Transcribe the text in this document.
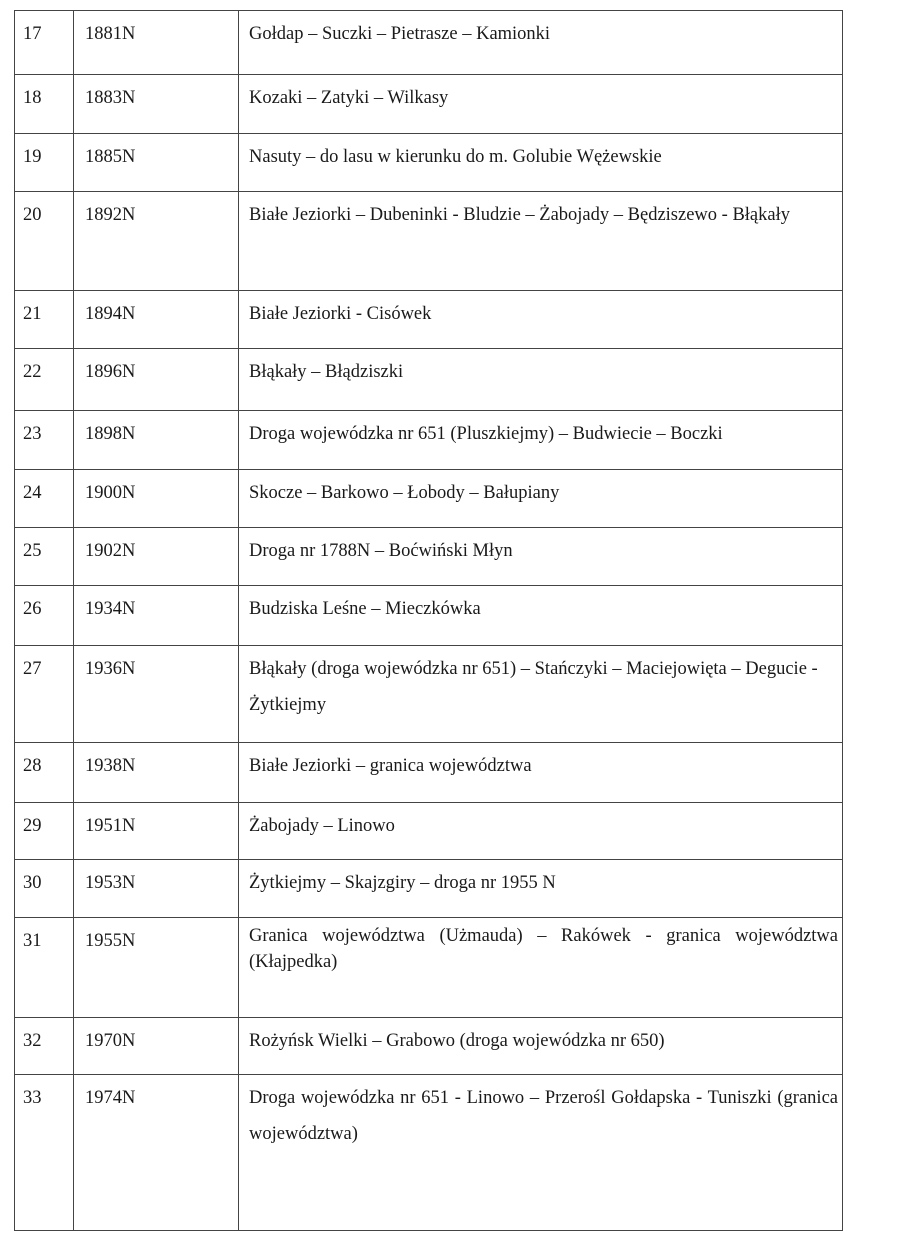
17	1881N	Gołdap – Suczki – Pietrasze – Kamionki
18	1883N	Kozaki – Zatyki – Wilkasy
19	1885N	Nasuty – do lasu w kierunku do m. Golubie Wężewskie
20	1892N	Białe Jeziorki – Dubeninki - Bludzie – Żabojady – Będziszewo - Błąkały
21	1894N	Białe Jeziorki - Cisówek
22	1896N	Błąkały – Błądziszki
23	1898N	Droga wojewódzka nr 651 (Pluszkiejmy) – Budwiecie – Boczki
24	1900N	Skocze – Barkowo – Łobody – Bałupiany
25	1902N	Droga nr 1788N – Boćwiński Młyn
26	1934N	Budziska Leśne – Mieczkówka
27	1936N	Błąkały (droga wojewódzka nr 651) – Stańczyki – Maciejowięta – Degucie - Żytkiejmy
28	1938N	Białe Jeziorki – granica województwa
29	1951N	Żabojady – Linowo
30	1953N	Żytkiejmy – Skajzgiry – droga nr 1955 N
31	1955N	Granica województwa (Użmauda) – Rakówek - granica województwa (Kłajpedka)
32	1970N	Rożyńsk Wielki – Grabowo (droga wojewódzka nr 650)
33	1974N	Droga wojewódzka nr 651 - Linowo – Przerośl Gołdapska - Tuniszki (granica województwa)
